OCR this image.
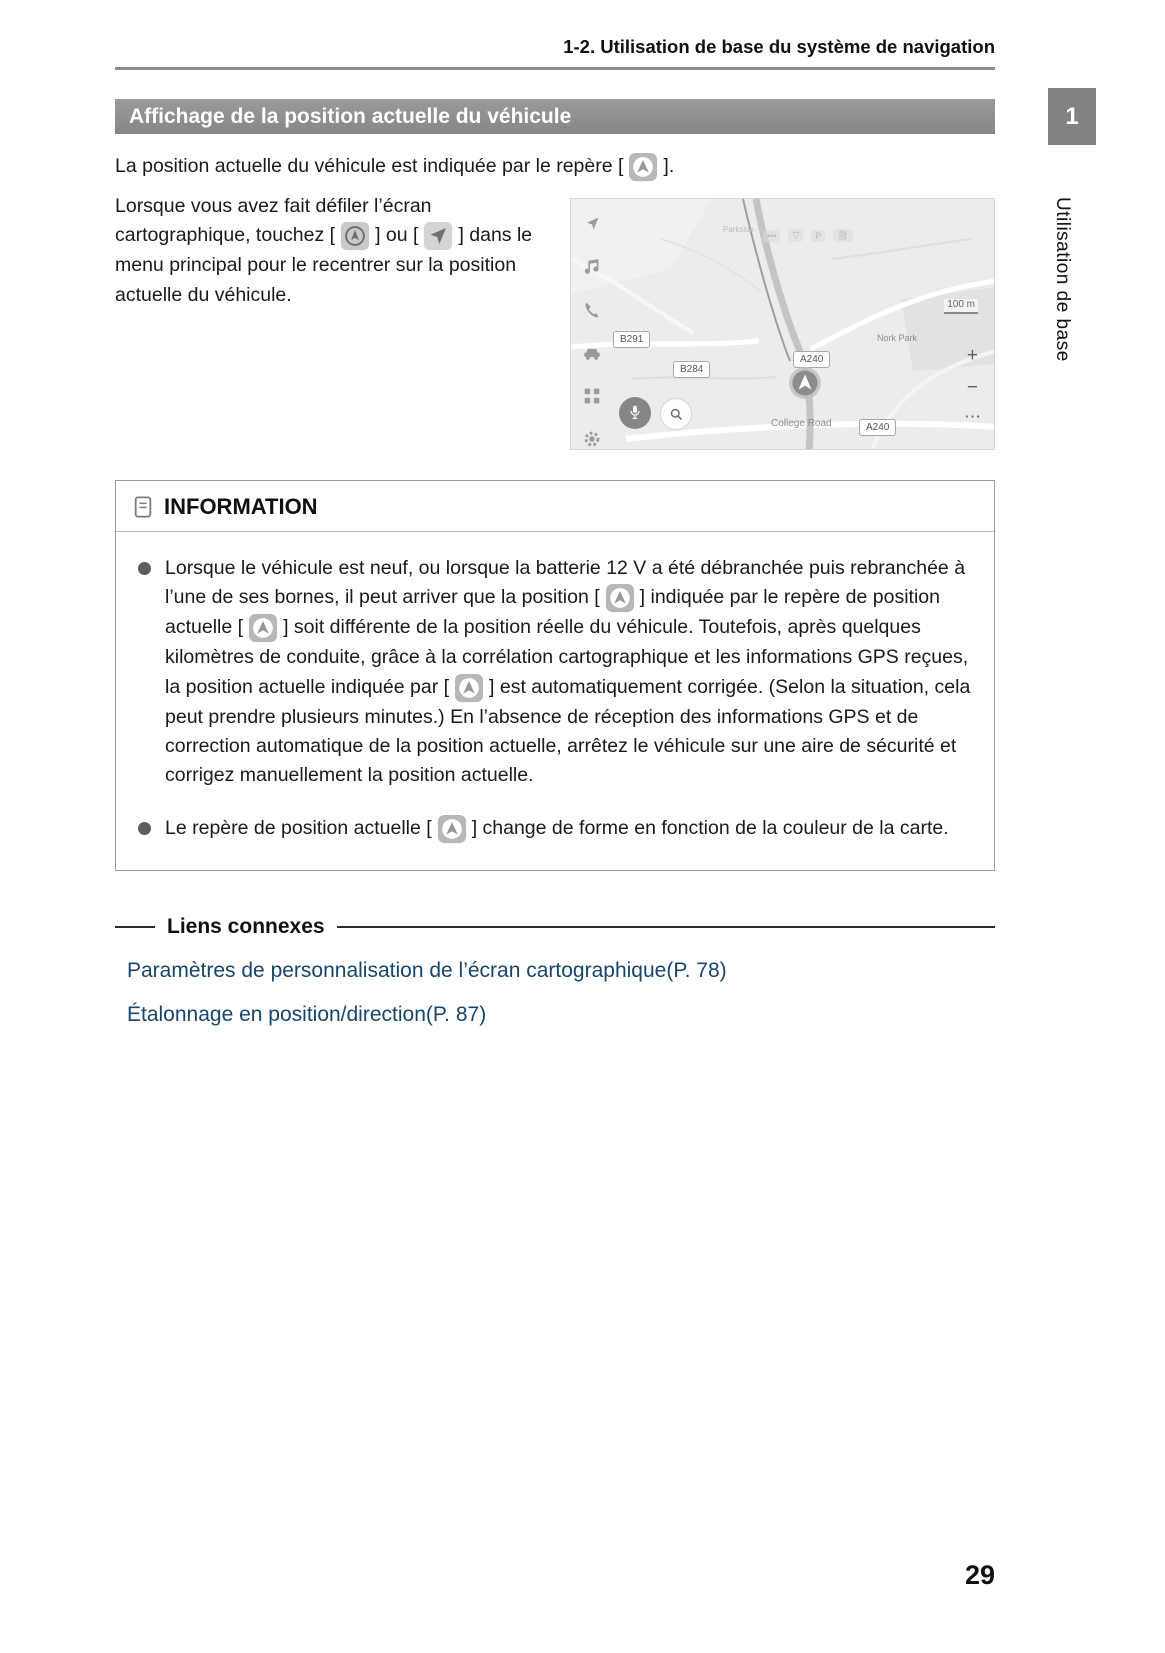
1-2. Utilisation de base du système de navigation
1
Utilisation de base
Affichage de la position actuelle du véhicule

La position actuelle du véhicule est indiquée par le repère [ ].

Lorsque vous avez fait défiler l’écran cartographique, touchez [ ] ou [ ] dans le menu principal pour le recentrer sur la position actuelle du véhicule.

•••	▽	P	⛽︎
B291
B284
A240
A240
College Road
Nork Park
Parkside
100 m
+
−
⋯
INFORMATION
Lorsque le véhicule est neuf, ou lorsque la batterie 12 V a été débranchée puis rebranchée à l’une de ses bornes, il peut arriver que la position [ ] indiquée par le repère de position actuelle [ ] soit différente de la position réelle du véhicule. Toutefois, après quelques kilomètres de conduite, grâce à la corrélation cartographique et les informations GPS reçues, la position actuelle indiquée par [ ] est automatiquement corrigée. (Selon la situation, cela peut prendre plusieurs minutes.) En l’absence de réception des informations GPS et de correction automatique de la position actuelle, arrêtez le véhicule sur une aire de sécurité et corrigez manuellement la position actuelle.
Le repère de position actuelle [ ] change de forme en fonction de la couleur de la carte.
Liens connexes
Paramètres de personnalisation de l’écran cartographique(P. 78)
Étalonnage en position/direction(P. 87)
29
